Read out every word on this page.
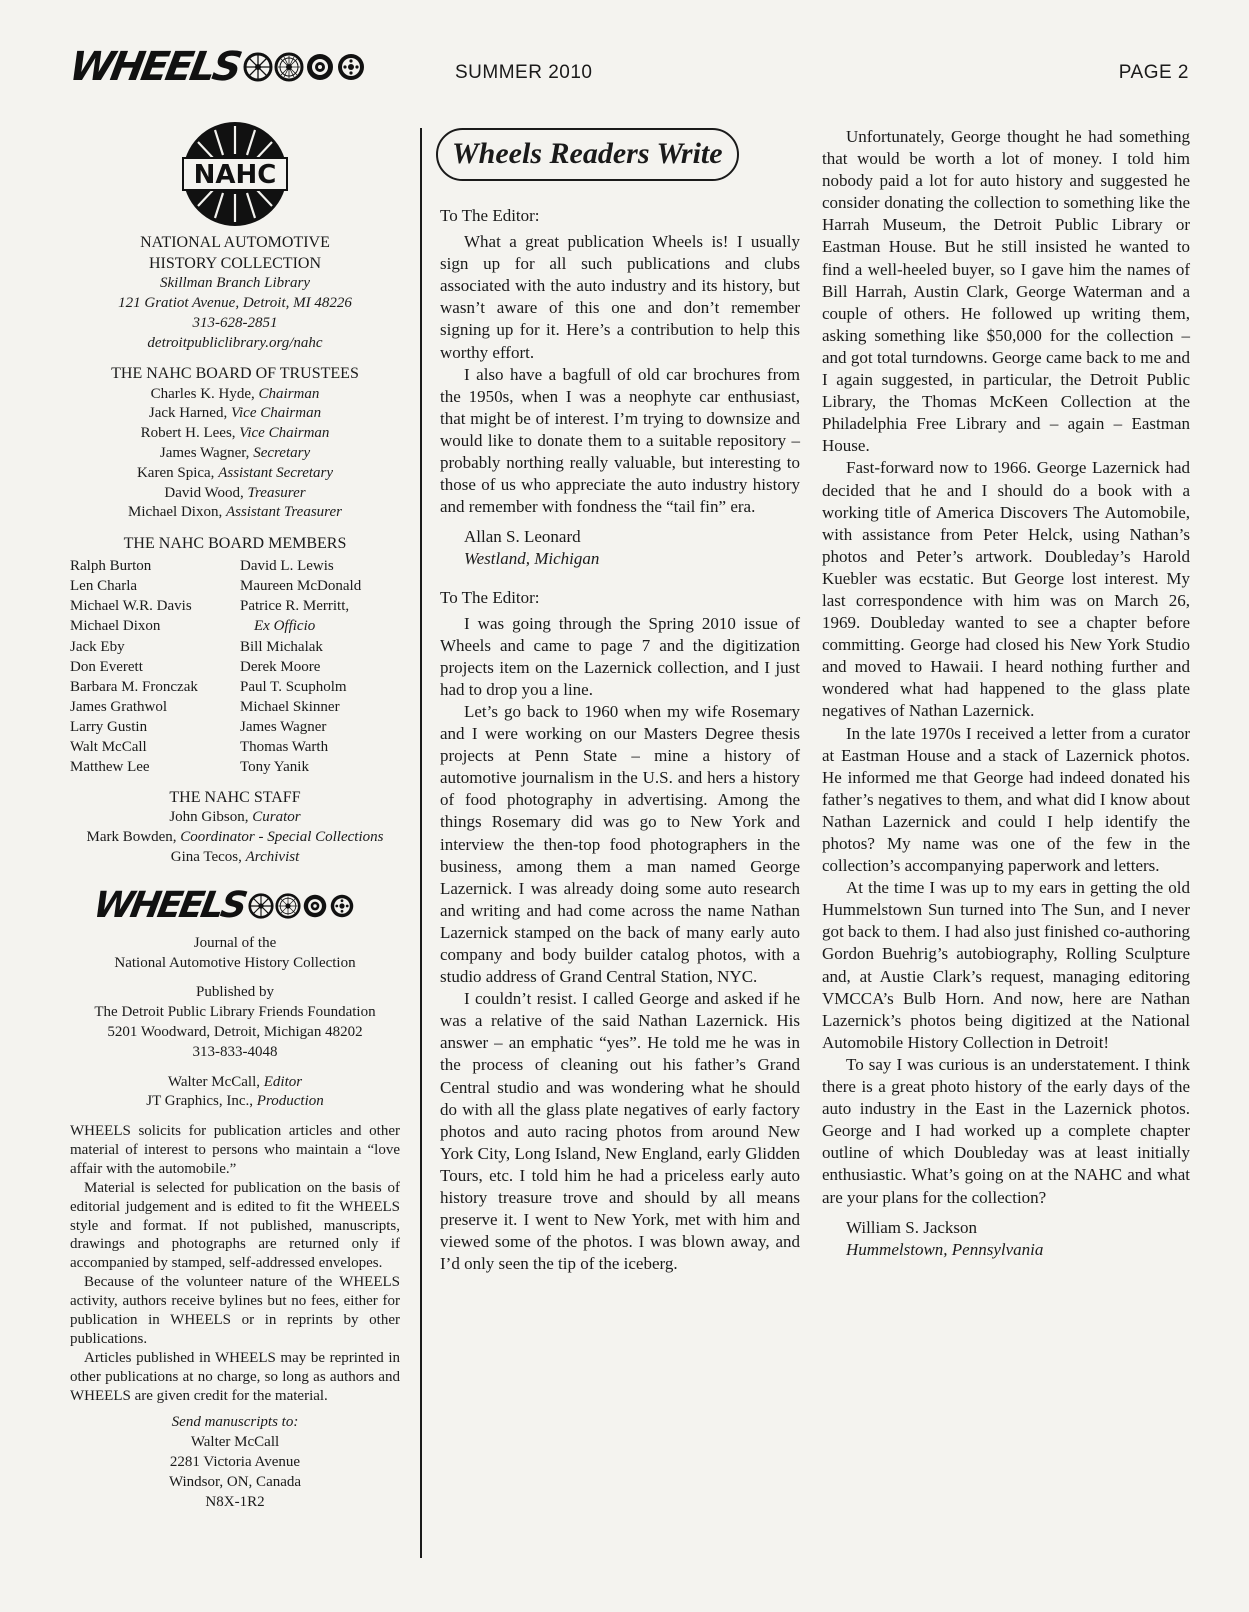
WHEELS	SUMMER 2010	PAGE 2
NAHC
NATIONAL AUTOMOTIVE
HISTORY COLLECTION
Skillman Branch Library
121 Gratiot Avenue, Detroit, MI 48226
313-628-2851
detroitpubliclibrary.org/nahc
THE NAHC BOARD OF TRUSTEES
Charles K. Hyde, Chairman
Jack Harned, Vice Chairman
Robert H. Lees, Vice Chairman
James Wagner, Secretary
Karen Spica, Assistant Secretary
David Wood, Treasurer
Michael Dixon, Assistant Treasurer
THE NAHC BOARD MEMBERS
Ralph Burton	David L. Lewis
Len Charla	Maureen McDonald
Michael W.R. Davis	Patrice R. Merritt,
Michael Dixon	Ex Officio
Jack Eby	Bill Michalak
Don Everett	Derek Moore
Barbara M. Fronczak	Paul T. Scupholm
James Grathwol	Michael Skinner
Larry Gustin	James Wagner
Walt McCall	Thomas Warth
Matthew Lee	Tony Yanik
THE NAHC STAFF
John Gibson, Curator
Mark Bowden, Coordinator - Special Collections
Gina Tecos, Archivist
WHEELS
Journal of the
National Automotive History Collection
Published by
The Detroit Public Library Friends Foundation
5201 Woodward, Detroit, Michigan 48202
313-833-4048
Walter McCall, Editor
JT Graphics, Inc., Production

WHEELS solicits for publication articles and other material of interest to persons who maintain a “love affair with the automobile.”

Material is selected for publication on the basis of editorial judgement and is edited to fit the WHEELS style and format. If not published, manuscripts, drawings and photographs are returned only if accompanied by stamped, self-addressed envelopes.

Because of the volunteer nature of the WHEELS activity, authors receive bylines but no fees, either for publication in WHEELS or in reprints by other publications.

Articles published in WHEELS may be reprinted in other publications at no charge, so long as authors and WHEELS are given credit for the material.

Send manuscripts to:
Walter McCall
2281 Victoria Avenue
Windsor, ON, Canada
N8X-1R2
Wheels Readers Write

To The Editor:

What a great publication Wheels is! I usually sign up for all such publications and clubs associated with the auto industry and its history, but wasn’t aware of this one and don’t remember signing up for it. Here’s a contribution to help this worthy effort.

I also have a bagfull of old car brochures from the 1950s, when I was a neophyte car enthusiast, that might be of interest. I’m trying to downsize and would like to donate them to a suitable repository – probably northing really valuable, but interesting to those of us who appreciate the auto industry history and remember with fondness the “tail fin” era.

Allan S. Leonard
Westland, Michigan

To The Editor:

I was going through the Spring 2010 issue of Wheels and came to page 7 and the digitization projects item on the Lazernick collection, and I just had to drop you a line.

Let’s go back to 1960 when my wife Rosemary and I were working on our Masters Degree thesis projects at Penn State – mine a history of automotive journalism in the U.S. and hers a history of food photography in advertising. Among the things Rosemary did was go to New York and interview the then-top food photographers in the business, among them a man named George Lazernick. I was already doing some auto research and writing and had come across the name Nathan Lazernick stamped on the back of many early auto company and body builder catalog photos, with a studio address of Grand Central Station, NYC.

I couldn’t resist. I called George and asked if he was a relative of the said Nathan Lazernick. His answer – an emphatic “yes”. He told me he was in the process of cleaning out his father’s Grand Central studio and was wondering what he should do with all the glass plate negatives of early factory photos and auto racing photos from around New York City, Long Island, New England, early Glidden Tours, etc. I told him he had a priceless early auto history treasure trove and should by all means preserve it. I went to New York, met with him and viewed some of the photos. I was blown away, and I’d only seen the tip of the iceberg.

Unfortunately, George thought he had something that would be worth a lot of money. I told him nobody paid a lot for auto history and suggested he consider donating the collection to something like the Harrah Museum, the Detroit Public Library or Eastman House. But he still insisted he wanted to find a well-heeled buyer, so I gave him the names of Bill Harrah, Austin Clark, George Waterman and a couple of others. He followed up writing them, asking something like $50,000 for the collection – and got total turndowns. George came back to me and I again suggested, in particular, the Detroit Public Library, the Thomas McKeen Collection at the Philadelphia Free Library and – again – Eastman House.

Fast-forward now to 1966. George Lazernick had decided that he and I should do a book with a working title of America Discovers The Automobile, with assistance from Peter Helck, using Nathan’s photos and Peter’s artwork. Doubleday’s Harold Kuebler was ecstatic. But George lost interest. My last correspondence with him was on March 26, 1969. Doubleday wanted to see a chapter before committing. George had closed his New York Studio and moved to Hawaii. I heard nothing further and wondered what had happened to the glass plate negatives of Nathan Lazernick.

In the late 1970s I received a letter from a curator at Eastman House and a stack of Lazernick photos. He informed me that George had indeed donated his father’s negatives to them, and what did I know about Nathan Lazernick and could I help identify the photos? My name was one of the few in the collection’s accompanying paperwork and letters.

At the time I was up to my ears in getting the old Hummelstown Sun turned into The Sun, and I never got back to them. I had also just finished co-authoring Gordon Buehrig’s autobiography, Rolling Sculpture and, at Austie Clark’s request, managing editoring VMCCA’s Bulb Horn. And now, here are Nathan Lazernick’s photos being digitized at the National Automobile History Collection in Detroit!

To say I was curious is an understatement. I think there is a great photo history of the early days of the auto industry in the East in the Lazernick photos. George and I had worked up a complete chapter outline of which Doubleday was at least initially enthusiastic. What’s going on at the NAHC and what are your plans for the collection?

William S. Jackson
Hummelstown, Pennsylvania
